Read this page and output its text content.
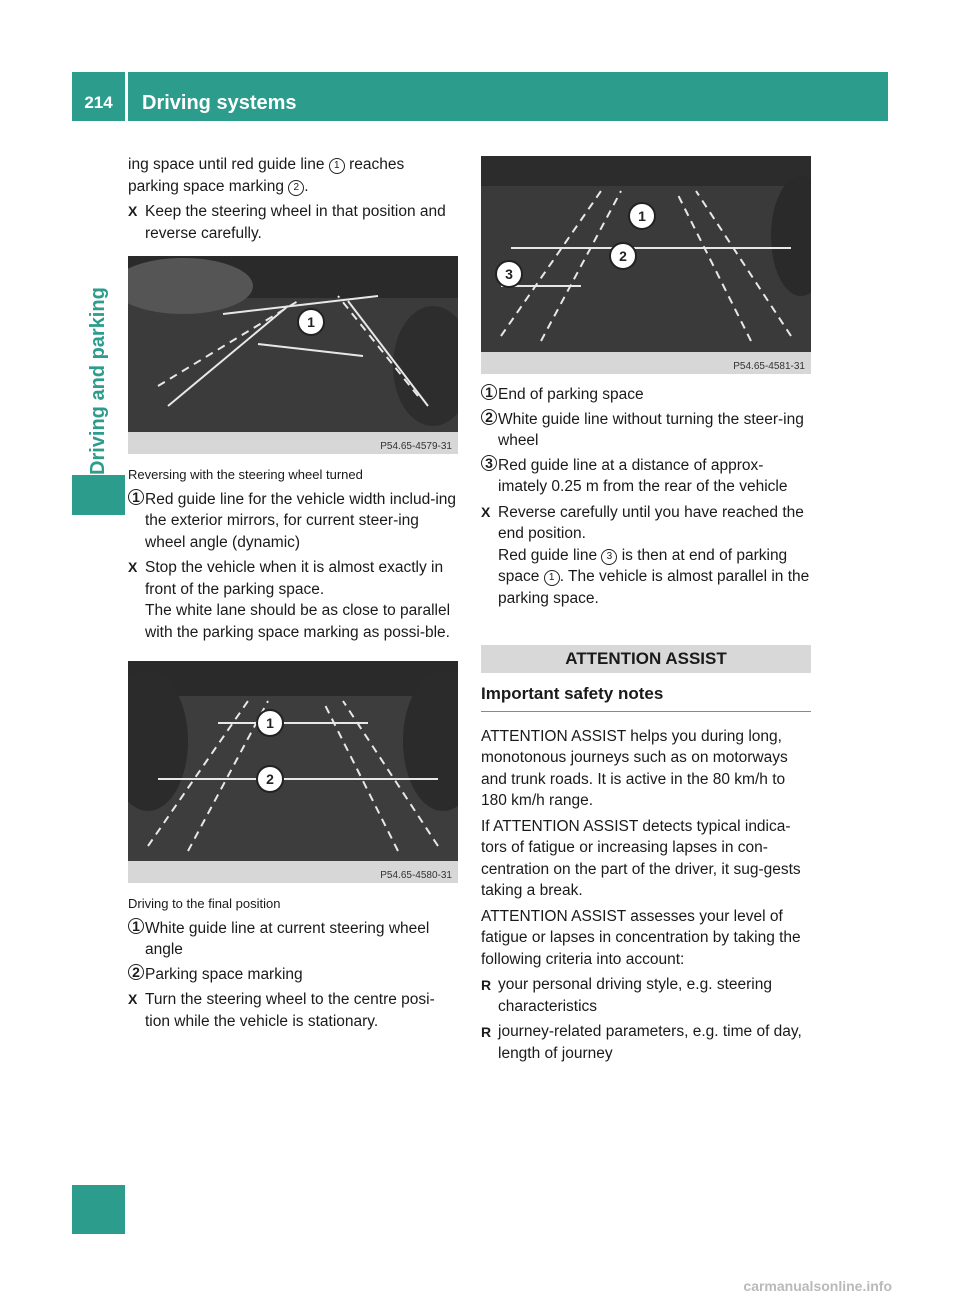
214	Driving systems
Driving and parking
ing space until red guide line 1 reaches
parking space marking 2 .
X Keep the steering wheel in that position and reverse carefully.
1
P54.65-4579-31
Reversing with the steering wheel turned
1 Red guide line for the vehicle width includ-ing the exterior mirrors, for current steer-ing wheel angle (dynamic)
X Stop the vehicle when it is almost exactly in front of the parking space.
The white lane should be as close to parallel with the parking space marking as possi-ble.
1
2
P54.65-4580-31
Driving to the final position
1 White guide line at current steering wheel angle
2 Parking space marking
X Turn the steering wheel to the centre posi-tion while the vehicle is stationary.
1
2
3
P54.65-4581-31
1 End of parking space
2 White guide line without turning the steer-ing wheel
3 Red guide line at a distance of approx-imately 0.25 m from the rear of the vehicle
X Reverse carefully until you have reached the end position.
Red guide line 3 is then at end of parking space 1 . The vehicle is almost parallel in the parking space.
ATTENTION ASSIST
Important safety notes
ATTENTION ASSIST helps you during long, monotonous journeys such as on motorways and trunk roads. It is active in the 80 km/h to 180 km/h range.
If ATTENTION ASSIST detects typical indica-tors of fatigue or increasing lapses in con-centration on the part of the driver, it sug-gests taking a break.
ATTENTION ASSIST assesses your level of fatigue or lapses in concentration by taking the following criteria into account:
R your personal driving style, e.g. steering characteristics
R journey-related parameters, e.g. time of day, length of journey
carmanualsonline.info
